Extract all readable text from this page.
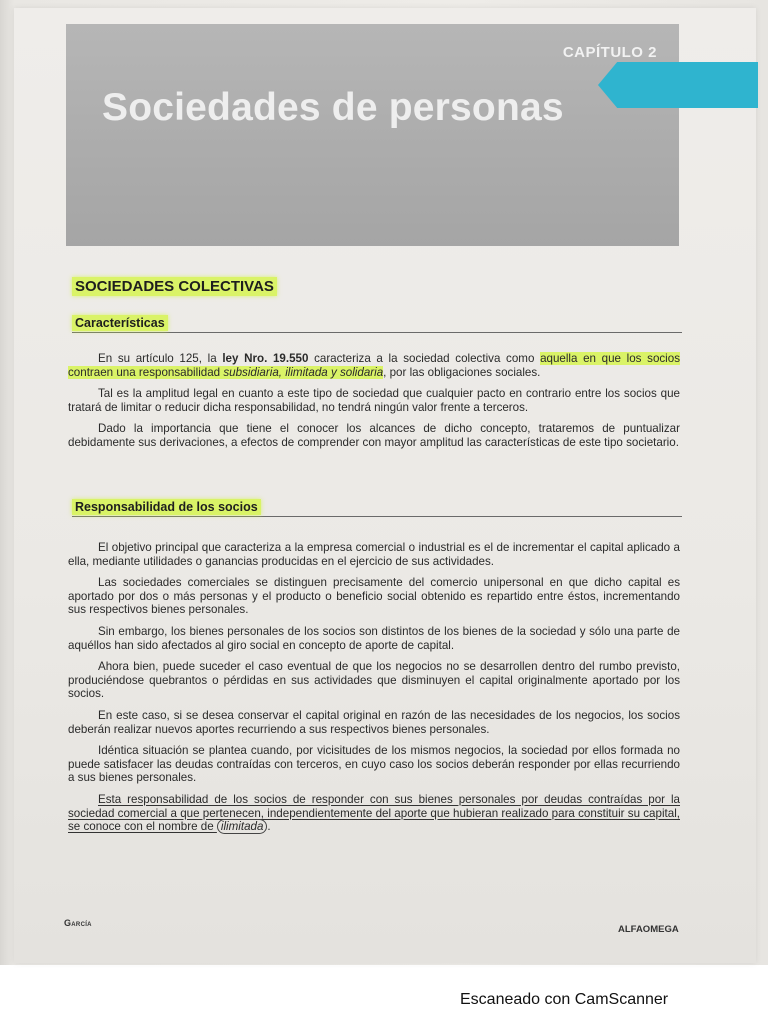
CAPÍTULO 2
Sociedades de personas
SOCIEDADES COLECTIVAS
Características

En su artículo 125, la ley Nro. 19.550 caracteriza a la sociedad colectiva como aquella en que los socios contraen una responsabilidad subsidiaria, ilimitada y solidaria, por las obligaciones sociales.

Tal es la amplitud legal en cuanto a este tipo de sociedad que cualquier pacto en contrario entre los socios que tratará de limitar o reducir dicha responsabilidad, no tendrá ningún valor frente a terceros.

Dado la importancia que tiene el conocer los alcances de dicho concepto, trataremos de puntualizar debidamente sus derivaciones, a efectos de comprender con mayor amplitud las características de este tipo societario.

Responsabilidad de los socios

El objetivo principal que caracteriza a la empresa comercial o industrial es el de incrementar el capital aplicado a ella, mediante utilidades o ganancias producidas en el ejercicio de sus actividades.

Las sociedades comerciales se distinguen precisamente del comercio unipersonal en que dicho capital es aportado por dos o más personas y el producto o beneficio social obtenido es repartido entre éstos, incrementando sus respectivos bienes personales.

Sin embargo, los bienes personales de los socios son distintos de los bienes de la sociedad y sólo una parte de aquéllos han sido afectados al giro social en concepto de aporte de capital.

Ahora bien, puede suceder el caso eventual de que los negocios no se desarrollen dentro del rumbo previsto, produciéndose quebrantos o pérdidas en sus actividades que disminuyen el capital originalmente aportado por los socios.

En este caso, si se desea conservar el capital original en razón de las necesidades de los negocios, los socios deberán realizar nuevos aportes recurriendo a sus respectivos bienes personales.

Idéntica situación se plantea cuando, por vicisitudes de los mismos negocios, la sociedad por ellos formada no puede satisfacer las deudas contraídas con terceros, en cuyo caso los socios deberán responder por ellas recurriendo a sus bienes personales.

Esta responsabilidad de los socios de responder con sus bienes personales por deudas contraídas por la sociedad comercial a que pertenecen, independientemente del aporte que hubieran realizado para constituir su capital, se conoce con el nombre de ilimitada .

García
ALFAOMEGA
Escaneado con CamScanner
